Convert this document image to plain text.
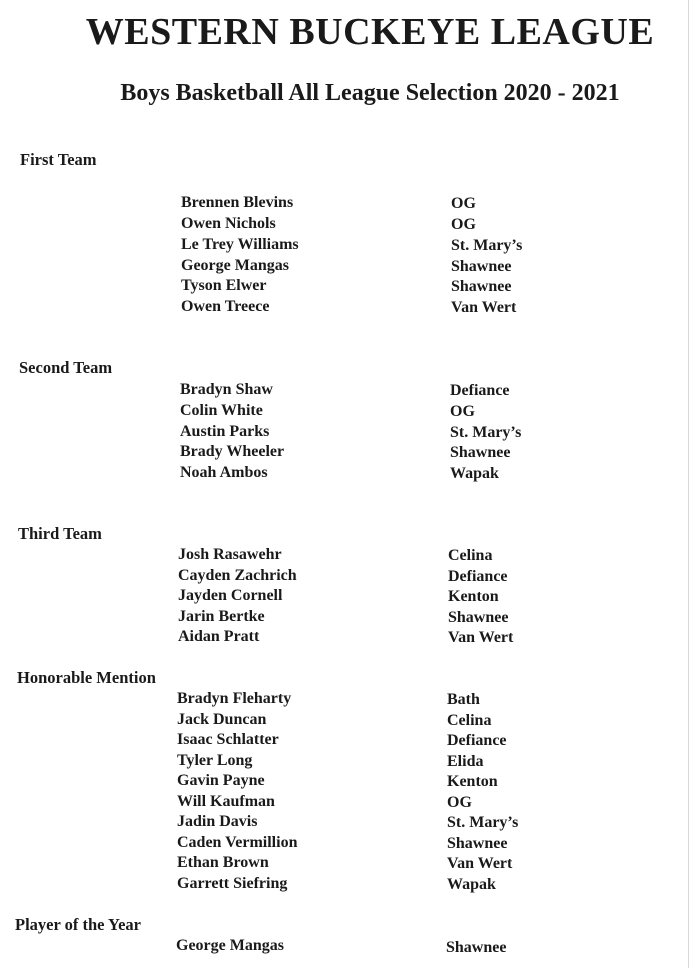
WESTERN BUCKEYE LEAGUE
Boys Basketball All League Selection 2020 - 2021
First Team
Brennen Blevins	OG
Owen Nichols	OG
Le Trey Williams	St. Mary’s
George Mangas	Shawnee
Tyson Elwer	Shawnee
Owen Treece	Van Wert
Second Team
Bradyn Shaw	Defiance
Colin White	OG
Austin Parks	St. Mary’s
Brady Wheeler	Shawnee
Noah Ambos	Wapak
Third Team
Josh Rasawehr	Celina
Cayden Zachrich	Defiance
Jayden Cornell	Kenton
Jarin Bertke	Shawnee
Aidan Pratt	Van Wert
Honorable Mention
Bradyn Fleharty	Bath
Jack Duncan	Celina
Isaac Schlatter	Defiance
Tyler Long	Elida
Gavin Payne	Kenton
Will Kaufman	OG
Jadin Davis	St. Mary’s
Caden Vermillion	Shawnee
Ethan Brown	Van Wert
Garrett Siefring	Wapak
Player of the Year
George Mangas	Shawnee
